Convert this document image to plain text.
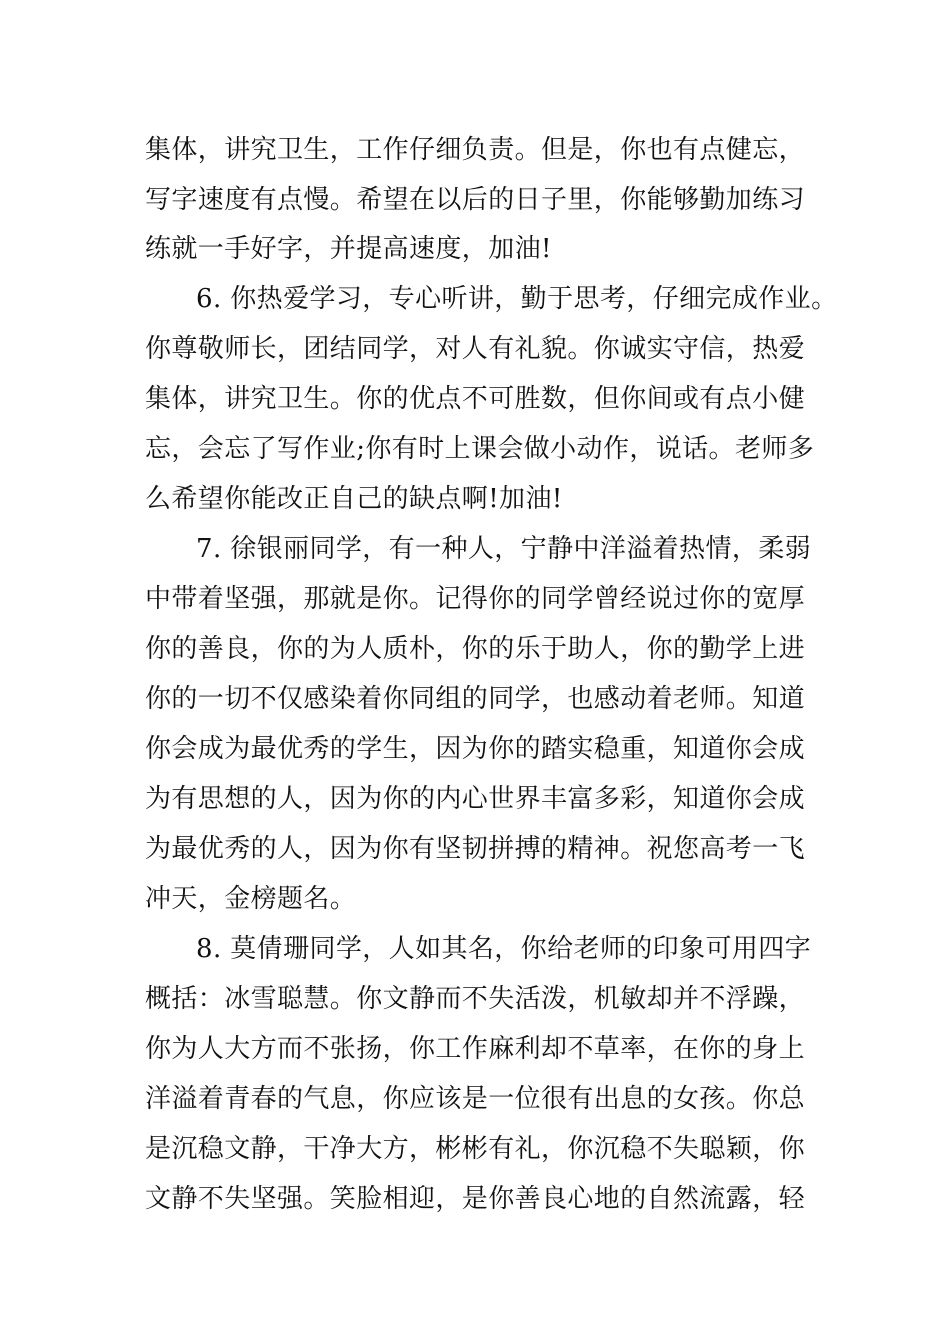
集体，讲究卫生，工作仔细负责。但是，你也有点健忘，
写字速度有点慢。希望在以后的日子里，你能够勤加练习
练就一手好字，并提高速度，加油!
6. 你热爱学习，专心听讲，勤于思考，仔细完成作业。
你尊敬师长，团结同学，对人有礼貌。你诚实守信，热爱
集体，讲究卫生。你的优点不可胜数，但你间或有点小健
忘，会忘了写作业;你有时上课会做小动作，说话。老师多
么希望你能改正自己的缺点啊!加油!
7. 徐银丽同学，有一种人，宁静中洋溢着热情，柔弱
中带着坚强，那就是你。记得你的同学曾经说过你的宽厚
你的善良，你的为人质朴，你的乐于助人，你的勤学上进
你的一切不仅感染着你同组的同学，也感动着老师。知道
你会成为最优秀的学生，因为你的踏实稳重，知道你会成
为有思想的人，因为你的内心世界丰富多彩，知道你会成
为最优秀的人，因为你有坚韧拼搏的精神。祝您高考一飞
冲天，金榜题名。
8. 莫倩珊同学，人如其名，你给老师的印象可用四字
概括：冰雪聪慧。你文静而不失活泼，机敏却并不浮躁，
你为人大方而不张扬，你工作麻利却不草率，在你的身上
洋溢着青春的气息，你应该是一位很有出息的女孩。你总
是沉稳文静，干净大方，彬彬有礼，你沉稳不失聪颖，你
文静不失坚强。笑脸相迎，是你善良心地的自然流露，轻
